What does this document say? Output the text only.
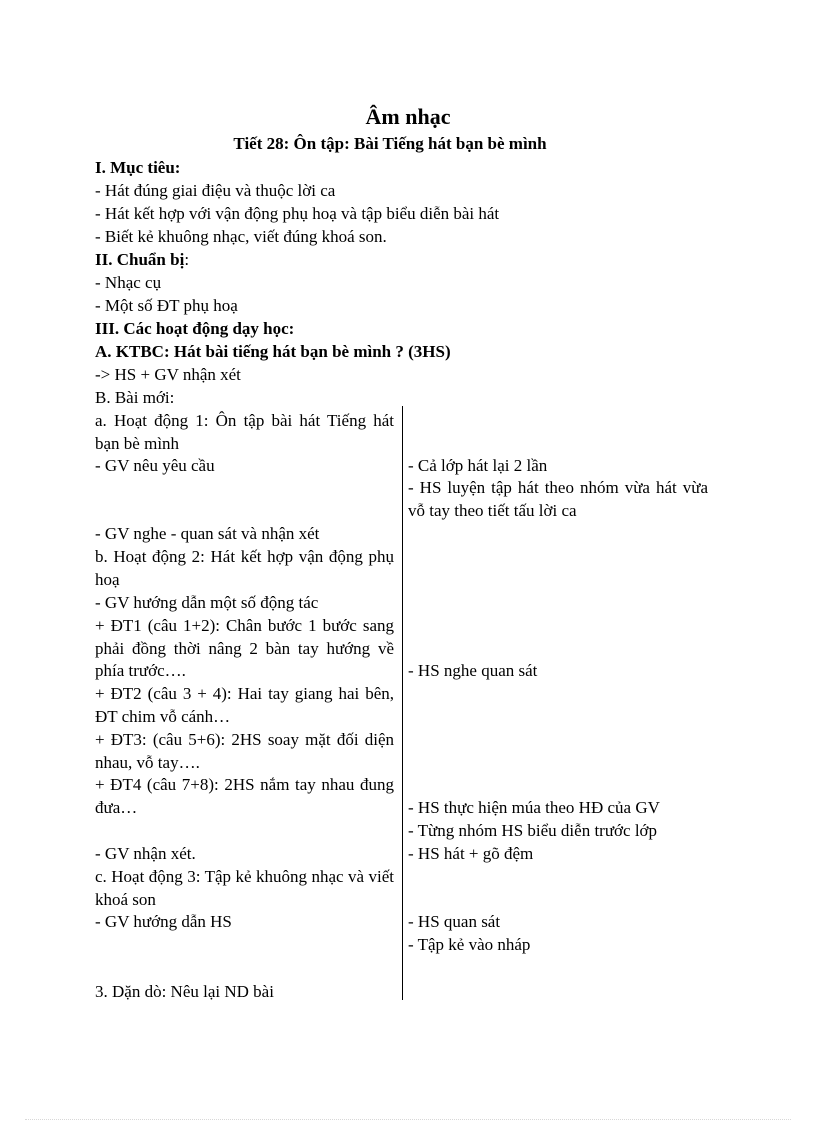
Âm nhạc
Tiết 28: Ôn tập: Bài Tiếng hát bạn bè mình
I. Mục tiêu:
- Hát đúng giai điệu và thuộc lời ca
- Hát kết hợp với vận động phụ hoạ và tập biểu diễn bài hát
- Biết kẻ khuông nhạc, viết đúng khoá son.
II. Chuẩn bị:
- Nhạc cụ
- Một số ĐT phụ hoạ
III. Các hoạt động dạy học:
A. KTBC: Hát bài tiếng hát bạn bè mình ? (3HS)
-> HS + GV nhận xét
B. Bài mới:
a. Hoạt động 1: Ôn tập bài hát Tiếng hát bạn bè mình
- GV nêu yêu cầu
- GV nghe - quan sát và nhận xét
b. Hoạt động 2: Hát kết hợp vận động phụ hoạ
- GV hướng dẫn một số động tác
+ ĐT1 (câu 1+2): Chân bước 1 bước sang phải đồng thời nâng 2 bàn tay hướng về phía trước….
+ ĐT2 (câu 3 + 4): Hai tay giang hai bên, ĐT chim vỗ cánh…
+ ĐT3: (câu 5+6): 2HS soay mặt đối diện nhau, vỗ tay….
+ ĐT4 (câu 7+8): 2HS nắm tay nhau đung đưa…
- GV nhận xét.
c. Hoạt động 3: Tập kẻ khuông nhạc và viết khoá son
- GV hướng dẫn HS
3. Dặn dò: Nêu lại ND bài
- Cả lớp hát lại 2 lần
- HS luyện tập hát theo nhóm vừa hát vừa vỗ tay theo tiết tấu lời ca
- HS nghe quan sát
- HS thực hiện múa theo HĐ của GV
- Từng nhóm HS biểu diễn trước lớp
- HS hát + gõ đệm
- HS quan sát
- Tập kẻ vào nháp
